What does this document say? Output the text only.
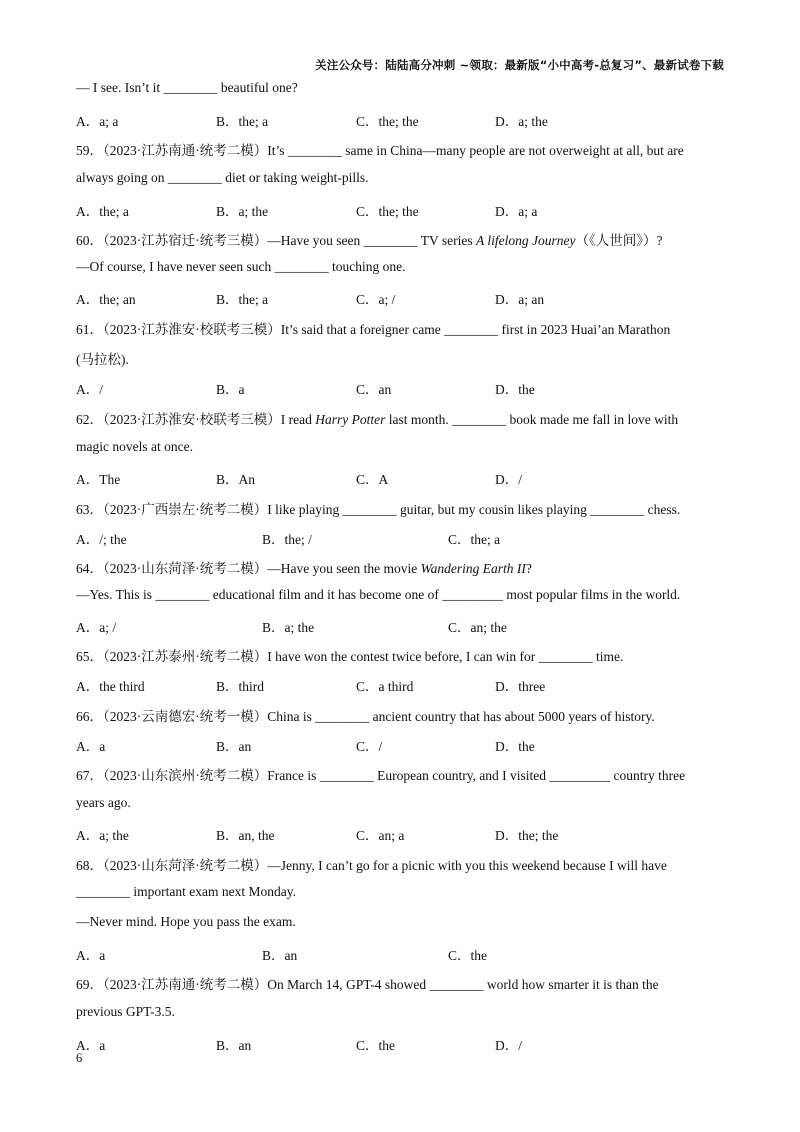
关注公众号：陆陆高分冲刺 ~领取：最新版“小中高考-总复习”、最新试卷下载
— I see. Isn’t it ________ beautiful one?
A．a; a	B．the; a	C．the; the	D．a; the
59．（2023·江苏南通·统考二模）It’s ________ same in China—many people are not overweight at all, but are
always going on ________ diet or taking weight-pills.
A．the; a	B．a; the	C．the; the	D．a; a
60．（2023·江苏宿迁·统考三模）—Have you seen ________ TV series A lifelong Journey（《人世间》）?
—Of course, I have never seen such ________ touching one.
A．the; an	B．the; a	C．a; /	D．a; an
61．（2023·江苏淮安·校联考三模）It’s said that a foreigner came ________ first in 2023 Huai’an Marathon
(马拉松).
A．/	B．a	C．an	D．the
62．（2023·江苏淮安·校联考三模）I read Harry Potter last month. ________ book made me fall in love with
magic novels at once.
A．The	B．An	C．A	D．/
63．（2023·广西崇左·统考二模）I like playing ________ guitar, but my cousin likes playing ________ chess.
A．/; the	B．the; /	C．the; a
64．（2023·山东菏泽·统考二模）—Have you seen the movie Wandering Earth II?
—Yes. This is ________ educational film and it has become one of _________ most popular films in the world.
A．a; /	B．a; the	C．an; the
65．（2023·江苏泰州·统考二模）I have won the contest twice before, I can win for ________ time.
A．the third	B．third	C．a third	D．three
66．（2023·云南德宏·统考一模）China is ________ ancient country that has about 5000 years of history.
A．a	B．an	C．/	D．the
67．（2023·山东滨州·统考二模）France is ________ European country, and I visited _________ country three
years ago.
A．a; the	B．an, the	C．an; a	D．the; the
68．（2023·山东菏泽·统考二模）—Jenny, I can’t go for a picnic with you this weekend because I will have
________ important exam next Monday.
—Never mind. Hope you pass the exam.
A．a	B．an	C．the
69．（2023·江苏南通·统考二模）On March 14, GPT-4 showed ________ world how smarter it is than the
previous GPT-3.5.
A．a	B．an	C．the	D．/
6
